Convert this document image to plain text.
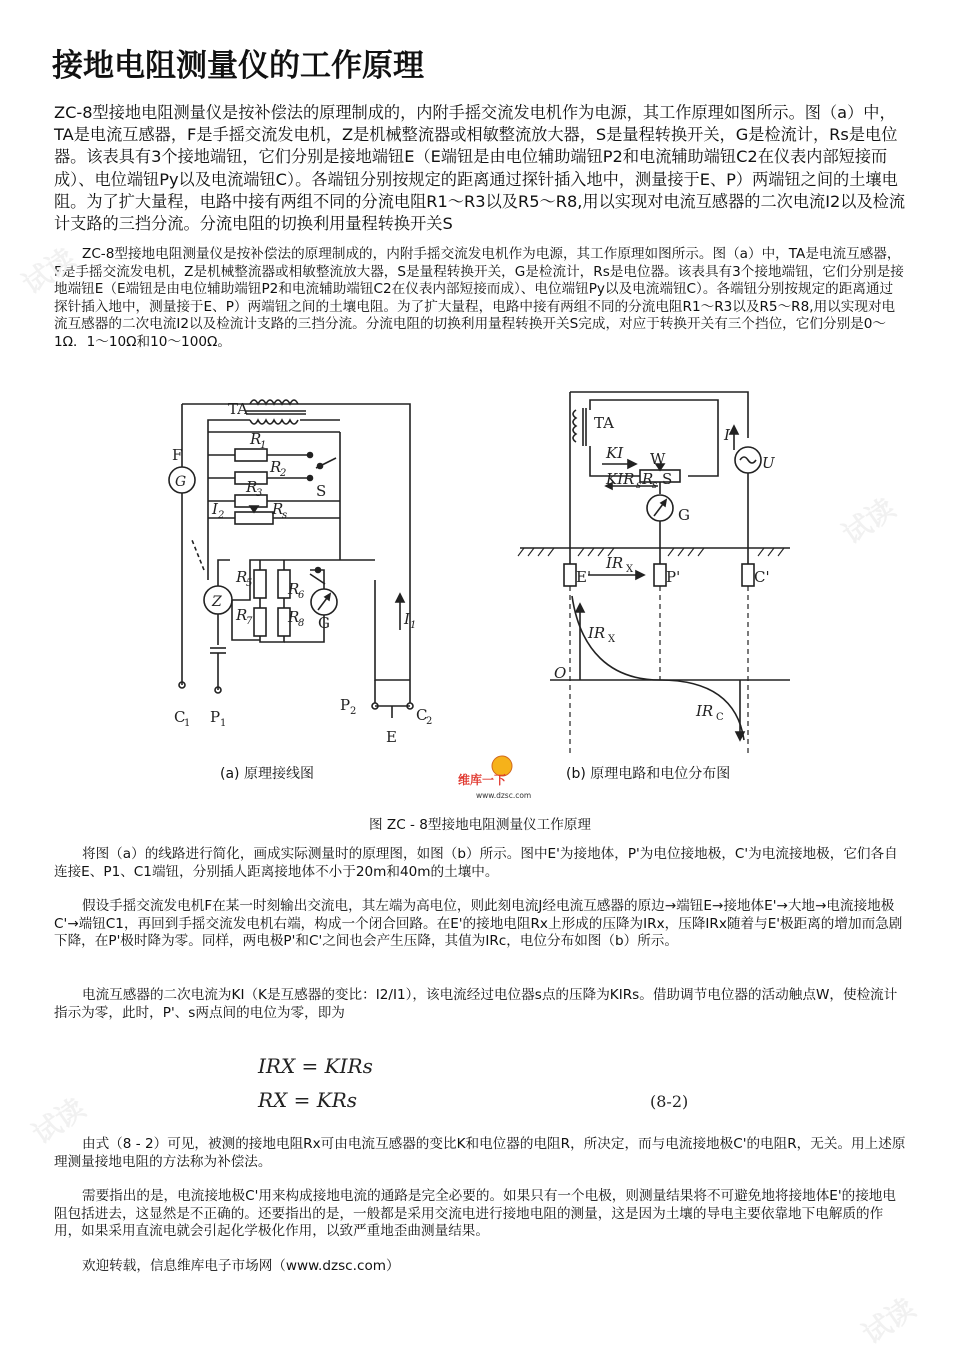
接地电阻测量仪的工作原理
ZC-8型接地电阻测量仪是按补偿法的原理制成的，内附手摇交流发电机作为电源，其工作原理如图所示。图（a）中，TA是电流互感器，F是手摇交流发电机，Z是机械整流器或相敏整流放大器，S是量程转换开关，G是检流计，Rs是电位器。该表具有3个接地端钮，它们分别是接地端钮E（E端钮是由电位辅助端钮P2和电流辅助端钮C2在仪表内部短接而成）、电位端钮Py以及电流端钮C）。各端钮分别按规定的距离通过探针插入地中，测量接于E、P）两端钮之间的土壤电阻。为了扩大量程，电路中接有两组不同的分流电阻R1～R3以及R5～R8,用以实现对电流互感器的二次电流I2以及检流计支路的三挡分流。分流电阻的切换利用量程转换开关S
ZC-8型接地电阻测量仪是按补偿法的原理制成的，内附手摇交流发电机作为电源，其工作原理如图所示。图（a）中，TA是电流互感器，F是手摇交流发电机，Z是机械整流器或相敏整流放大器，S是量程转换开关，G是检流计，Rs是电位器。该表具有3个接地端钮，它们分别是接地端钮E（E端钮是由电位辅助端钮P2和电流辅助端钮C2在仪表内部短接而成）、电位端钮Py以及电流端钮C）。各端钮分别按规定的距离通过探针插入地中，测量接于E、P）两端钮之间的土壤电阻。为了扩大量程，电路中接有两组不同的分流电阻R1～R3以及R5～R8,用以实现对电流互感器的二次电流I2以及检流计支路的三挡分流。分流电阻的切换利用量程转换开关S完成，对应于转换开关有三个挡位，它们分别是0～1Ω．1～10Ω和10～100Ω。
G
TA
F
R
1
R
2
R
3
I 2	R
s
S
Z
R
5 R
6
R
7 R
8 G	I 1
C
1 P 1
P 2	C
2
E
TA
KI W
KIR s R
s S
G
I
U
E'	P'	C'
IR X
IR X
O
IR C
(a) 原理接线图	(b) 原理电路和电位分布图
维库一下
www.dzsc.com
图 ZC - 8型接地电阻测量仪工作原理
将图（a）的线路进行简化，画成实际测量时的原理图，如图（b）所示。图中E'为接地体，P'为电位接地极，C'为电流接地极，它们各自连接E、P1、C1端钮，分别插人距离接地体不小于20m和40m的土壤中。
假设手摇交流发电机F在某一时刻输出交流电，其左端为高电位，则此刻电流J经电流互感器的原边→端钮E→接地体E'→大地→电流接地极C'→端钮C1，再回到手摇交流发电机右端，构成一个闭合回路。在E'的接地电阻Rx上形成的压降为IRx，压降IRx随着与E'极距离的增加而急剧下降，在P'极时降为零。同样，两电极P'和C'之间也会产生压降，其值为IRc，电位分布如图（b）所示。
电流互感器的二次电流为KI（K是互感器的变比：I2/I1），该电流经过电位器s点的压降为KIRs。借助调节电位器的活动触点W，使检流计指示为零，此时，P'、s两点间的电位为零，即为
IRX = KIRs
RX = KRs	(8-2)
由式（8 - 2）可见，被测的接地电阻Rx可由电流互感器的变比K和电位器的电阻R，所决定，而与电流接地极C'的电阻R，无关。用上述原理测量接地电阻的方法称为补偿法。
需要指出的是，电流接地极C'用来构成接地电流的通路是完全必要的。如果只有一个电极，则测量结果将不可避免地将接地体E'的接地电阻包括进去，这显然是不正确的。还要指出的是，一般都是采用交流电进行接地电阻的测量，这是因为土壤的导电主要依靠地下电解质的作用，如果采用直流电就会引起化学极化作用，以致严重地歪曲测量结果。
欢迎转载，信息维库电子市场网（www.dzsc.com）
试读
试读
试读
试读
